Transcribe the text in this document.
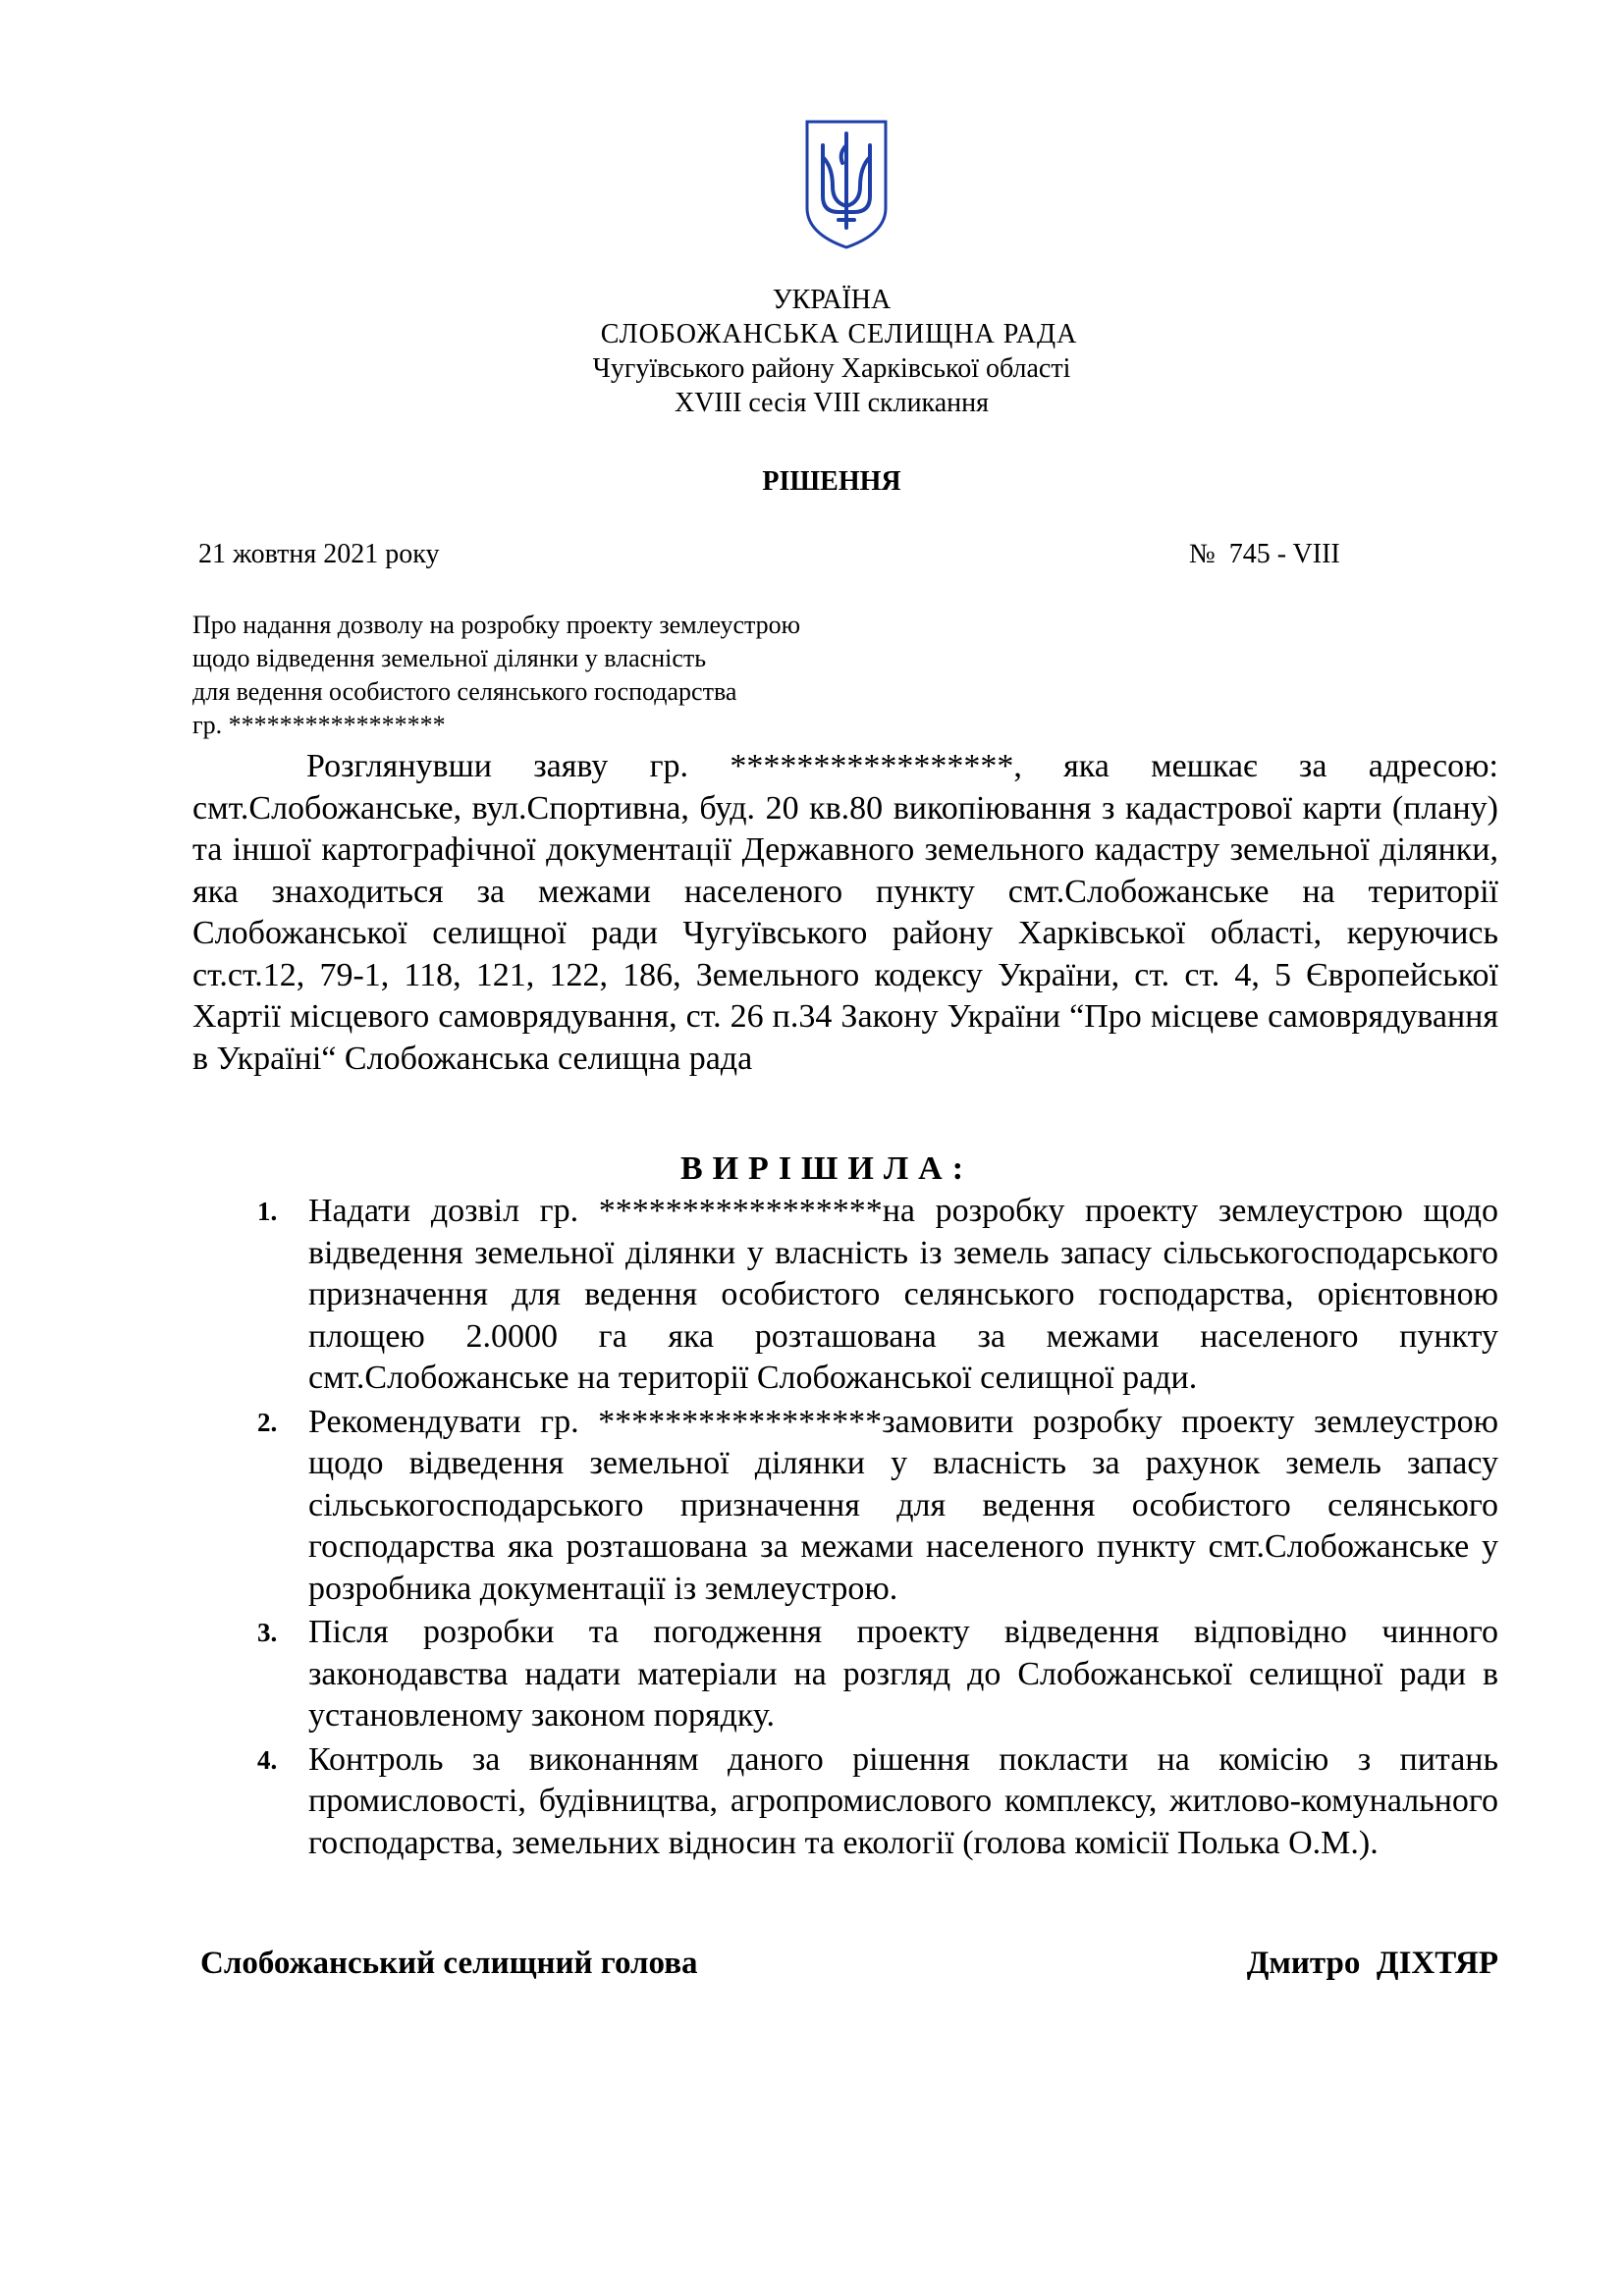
УКРАЇНА
СЛОБОЖАНСЬКА СЕЛИЩНА РАДА
Чугуївського району Харківської області
XVIII сесія VIII скликання
РІШЕННЯ
21 жовтня 2021 року	№  745 - VIII
Про надання дозволу на розробку проекту землеустрою
щодо відведення земельної ділянки у власність
для ведення особистого селянського господарства
гр. *****************
Розглянувши заяву гр. *****************, яка мешкає за адресою: смт.Слобожанське, вул.Спортивна, буд. 20 кв.80 викопіювання з кадастрової карти (плану) та іншої картографічної документації Державного земельного кадастру земельної ділянки, яка знаходиться за межами населеного пункту смт.Слобожанське на території Слобожанської селищної ради Чугуївського району Харківської області, керуючись ст.ст.12, 79-1, 118, 121, 122, 186, Земельного кодексу України, ст. ст. 4, 5 Європейської Хартії місцевого самоврядування, ст. 26 п.34 Закону України “Про місцеве самоврядування в Україні“ Слобожанська селищна рада
ВИРІШИЛА:
1. Надати дозвіл гр. *****************на розробку проекту землеустрою щодо відведення земельної ділянки у власність із земель запасу сільськогосподарського призначення для ведення особистого селянського господарства, орієнтовною площею 2.0000 га яка розташована за межами населеного пункту смт.Слобожанське на території Слобожанської селищної ради.
2. Рекомендувати гр. *****************замовити розробку проекту землеустрою щодо відведення земельної ділянки у власність за рахунок земель запасу сільськогосподарського призначення для ведення особистого селянського господарства яка розташована за межами населеного пункту смт.Слобожанське у розробника документації із землеустрою.
3. Після розробки та погодження проекту відведення відповідно чинного законодавства надати матеріали на розгляд до Слобожанської селищної ради в установленому законом порядку.
4. Контроль за виконанням даного рішення покласти на комісію з питань промисловості, будівництва, агропромислового комплексу, житлово-комунального господарства, земельних відносин та екології (голова комісії Полька О.М.).
Слобожанський селищний голова	Дмитро  ДІХТЯР
